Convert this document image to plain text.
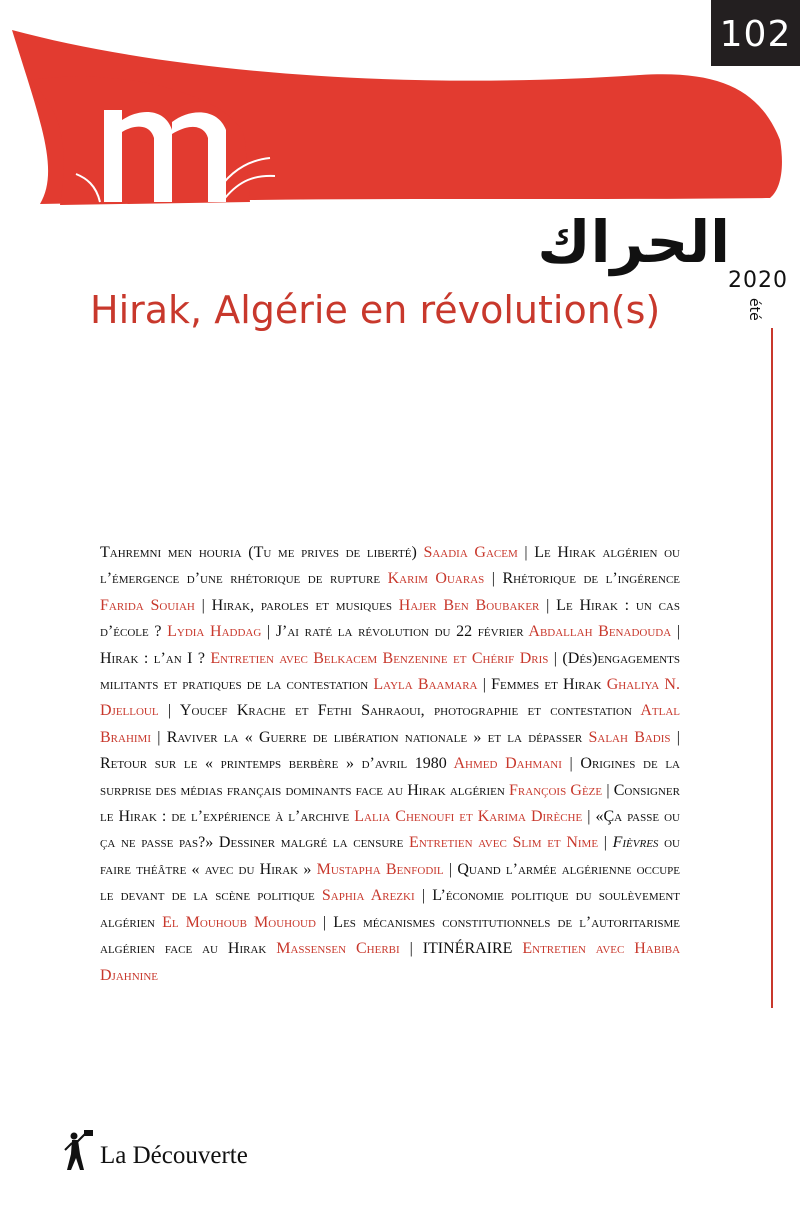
102
الحراك
2020
été
Hirak, Algérie en révolution(s)
Tahremni men houria (Tu me prives de liberté) Saadia Gacem | Le Hirak algérien ou l’émergence d’une rhétorique de rupture Karim Ouaras | Rhétorique de l’ingérence Farida Souiah | Hirak, paroles et musiques Hajer Ben Boubaker | Le Hirak : un cas d’école ? Lydia Haddag | J’ai raté la révolution du 22 février Abdallah Benadouda | Hirak : l’an I ? Entretien avec Belkacem Benzenine et Chérif Dris | (Dés)engagements militants et pratiques de la contestation Layla Baamara | Femmes et Hirak Ghaliya N. Djelloul | Youcef Krache et Fethi Sahraoui, photographie et contestation Atlal Brahimi | Raviver la « Guerre de libération nationale » et la dépasser Salah Badis | Retour sur le « printemps berbère » d’avril 1980 Ahmed Dahmani | Origines de la surprise des médias français dominants face au Hirak algérien François Gèze | Consigner le Hirak : de l’expérience à l’archive Lalia Chenoufi et Karima Dirèche | «Ça passe ou ça ne passe pas?» Dessiner malgré la censure Entretien avec Slim et Nime | Fièvres ou faire théâtre « avec du Hirak » Mustapha Benfodil | Quand l’armée algérienne occupe le devant de la scène politique Saphia Arezki | L’économie politique du soulèvement algérien El Mouhoub Mouhoud | Les mécanismes constitutionnels de l’autoritarisme algérien face au Hirak Massensen Cherbi | ITINÉRAIRE Entretien avec Habiba Djahnine
La Découverte
